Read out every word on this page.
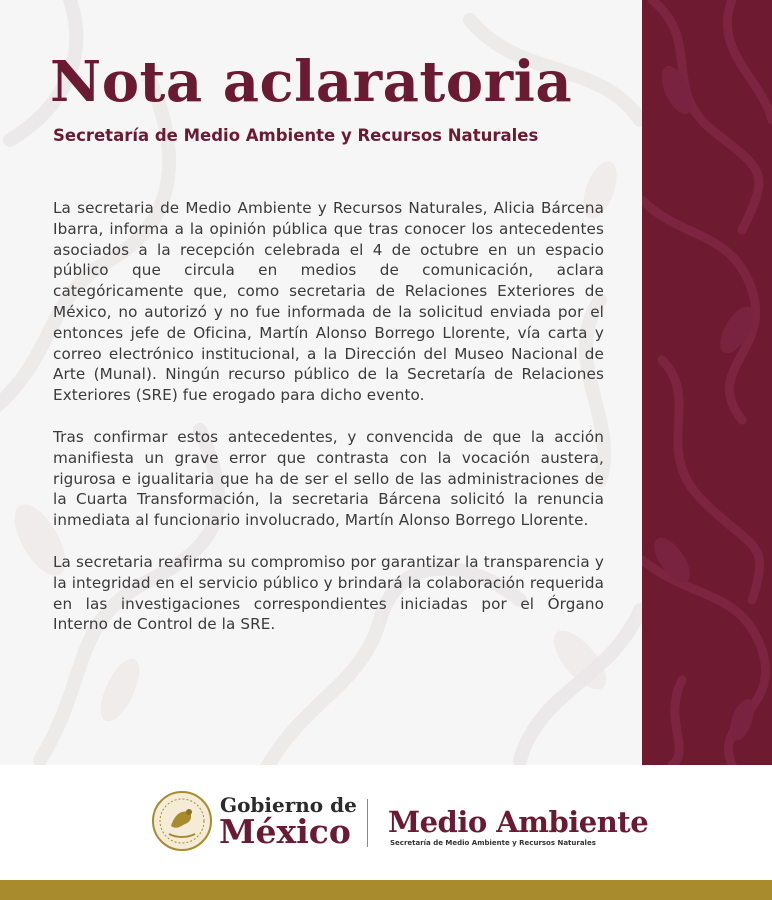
Nota aclaratoria
Secretaría de Medio Ambiente y Recursos Naturales

La secretaria de Medio Ambiente y Recursos Naturales, Alicia Bárcena Ibarra, informa a la opinión pública que tras conocer los antecedentes asociados a la recepción celebrada el 4 de octubre en un espacio público que circula en medios de comunicación, aclara categóricamente que, como secretaria de Relaciones Exteriores de México, no autorizó y no fue informada de la solicitud enviada por el entonces jefe de Oficina, Martín Alonso Borrego Llorente, vía carta y correo electrónico institucional, a la Dirección del Museo Nacional de Arte (Munal). Ningún recurso público de la Secretaría de Relaciones Exteriores (SRE) fue erogado para dicho evento.

Tras confirmar estos antecedentes, y convencida de que la acción manifiesta un grave error que contrasta con la vocación austera, rigurosa e igualitaria que ha de ser el sello de las administraciones de la Cuarta Transformación, la secretaria Bárcena solicitó la renuncia inmediata al funcionario involucrado, Martín Alonso Borrego Llorente.

La secretaria reafirma su compromiso por garantizar la transparencia y la integridad en el servicio público y brindará la colaboración requerida en las investigaciones correspondientes iniciadas por el Órgano Interno de Control de la SRE.

Gobierno de
México Medio Ambiente
Secretaría de Medio Ambiente y Recursos Naturales
